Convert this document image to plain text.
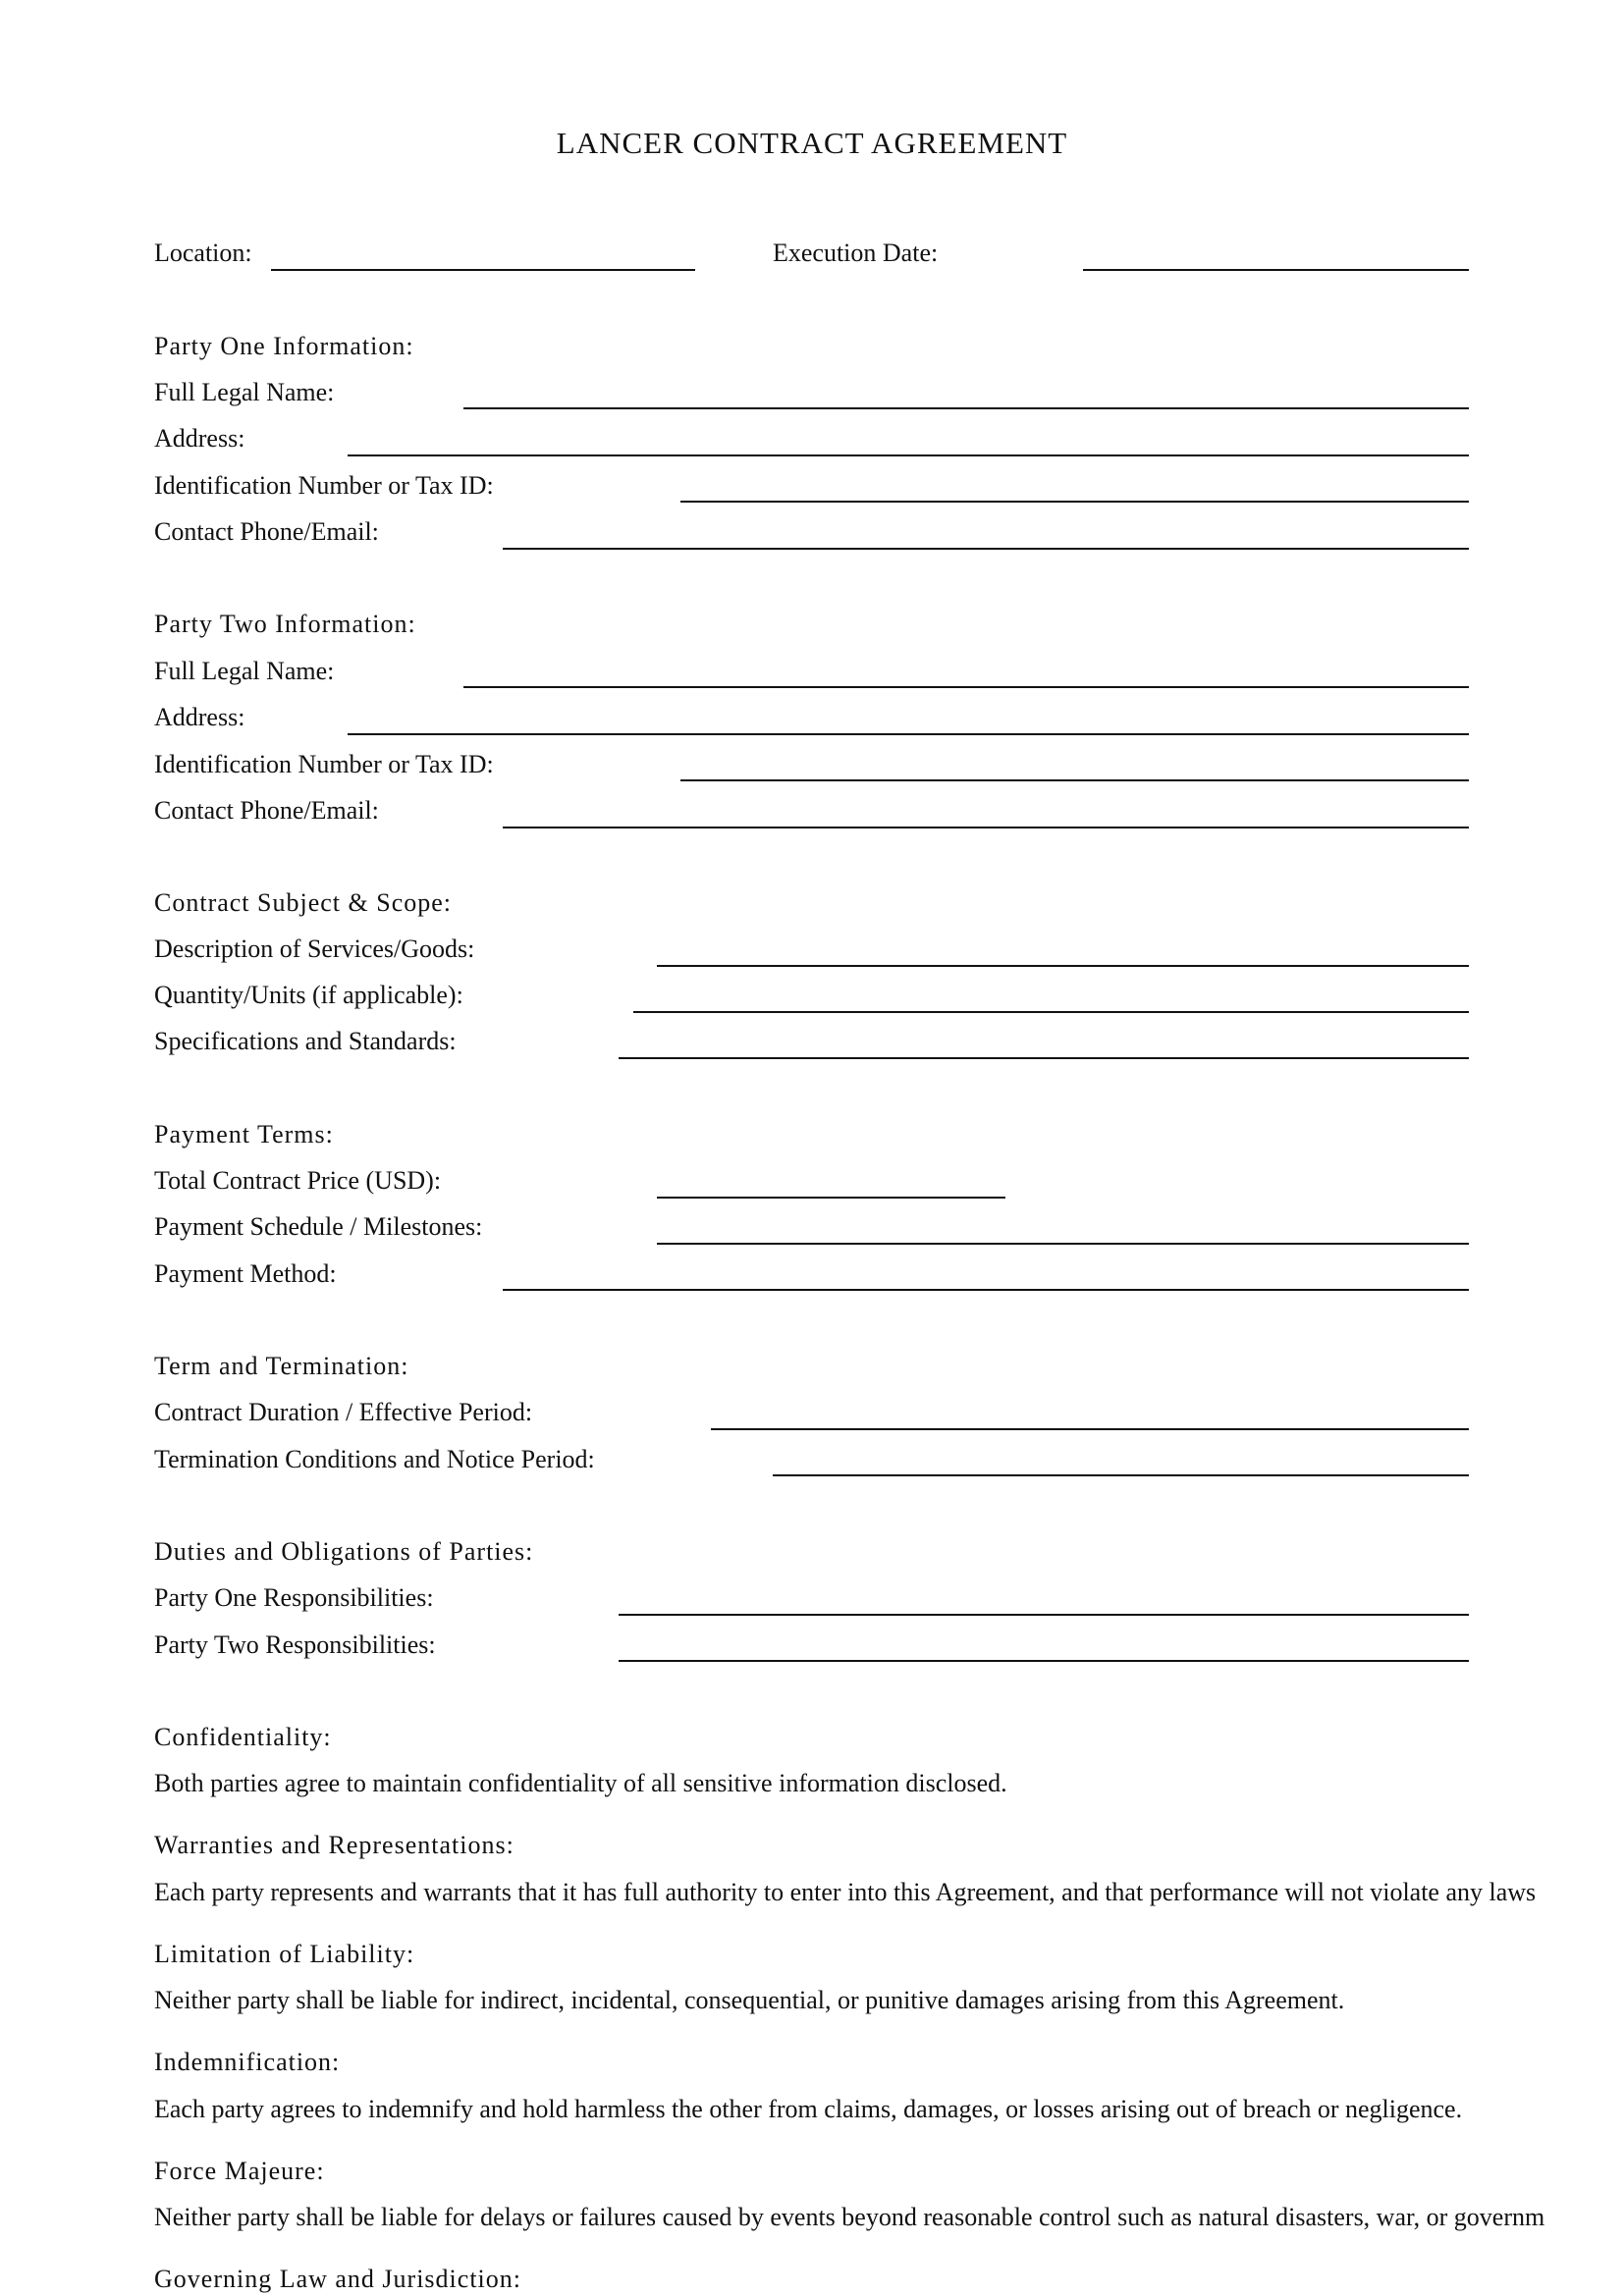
LANCER CONTRACT AGREEMENT
Location:	Execution Date:
Party One Information:
Full Legal Name:
Address:
Identification Number or Tax ID:
Contact Phone/Email:
Party Two Information:
Full Legal Name:
Address:
Identification Number or Tax ID:
Contact Phone/Email:
Contract Subject & Scope:
Description of Services/Goods:
Quantity/Units (if applicable):
Specifications and Standards:
Payment Terms:
Total Contract Price (USD):
Payment Schedule / Milestones:
Payment Method:
Term and Termination:
Contract Duration / Effective Period:
Termination Conditions and Notice Period:
Duties and Obligations of Parties:
Party One Responsibilities:
Party Two Responsibilities:
Confidentiality:
Both parties agree to maintain confidentiality of all sensitive information disclosed.
Warranties and Representations:
Each party represents and warrants that it has full authority to enter into this Agreement, and that performance will not violate any laws
Limitation of Liability:
Neither party shall be liable for indirect, incidental, consequential, or punitive damages arising from this Agreement.
Indemnification:
Each party agrees to indemnify and hold harmless the other from claims, damages, or losses arising out of breach or negligence.
Force Majeure:
Neither party shall be liable for delays or failures caused by events beyond reasonable control such as natural disasters, war, or governm
Governing Law and Jurisdiction:
